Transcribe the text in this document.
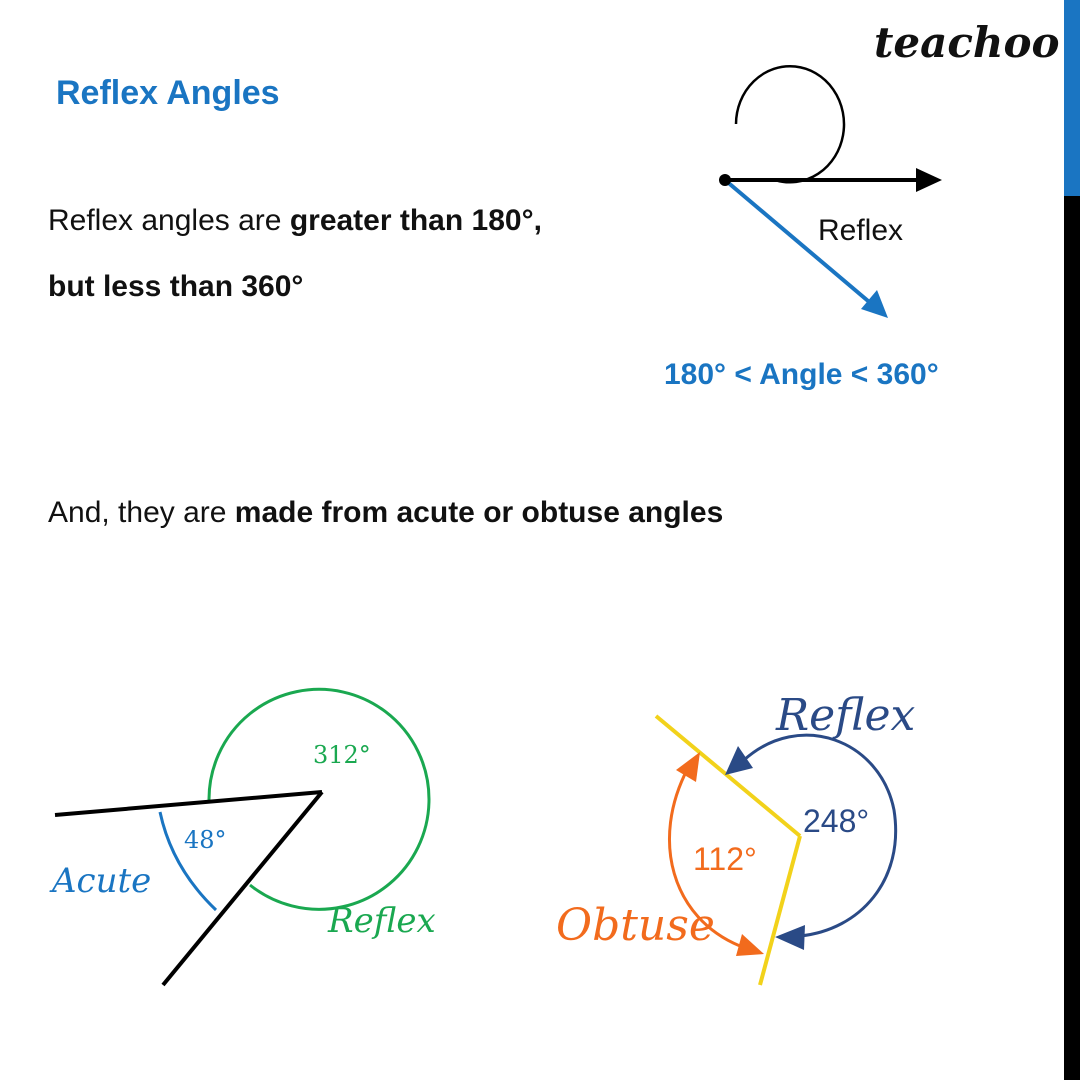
teachoo
Reflex Angles
Reflex angles are greater than 180°,
but less than 360°
And, they are made from acute or obtuse angles
Reflex
180° < Angle < 360°
312°
48°
Acute
Reflex
Reflex
248°
112°
Obtuse
